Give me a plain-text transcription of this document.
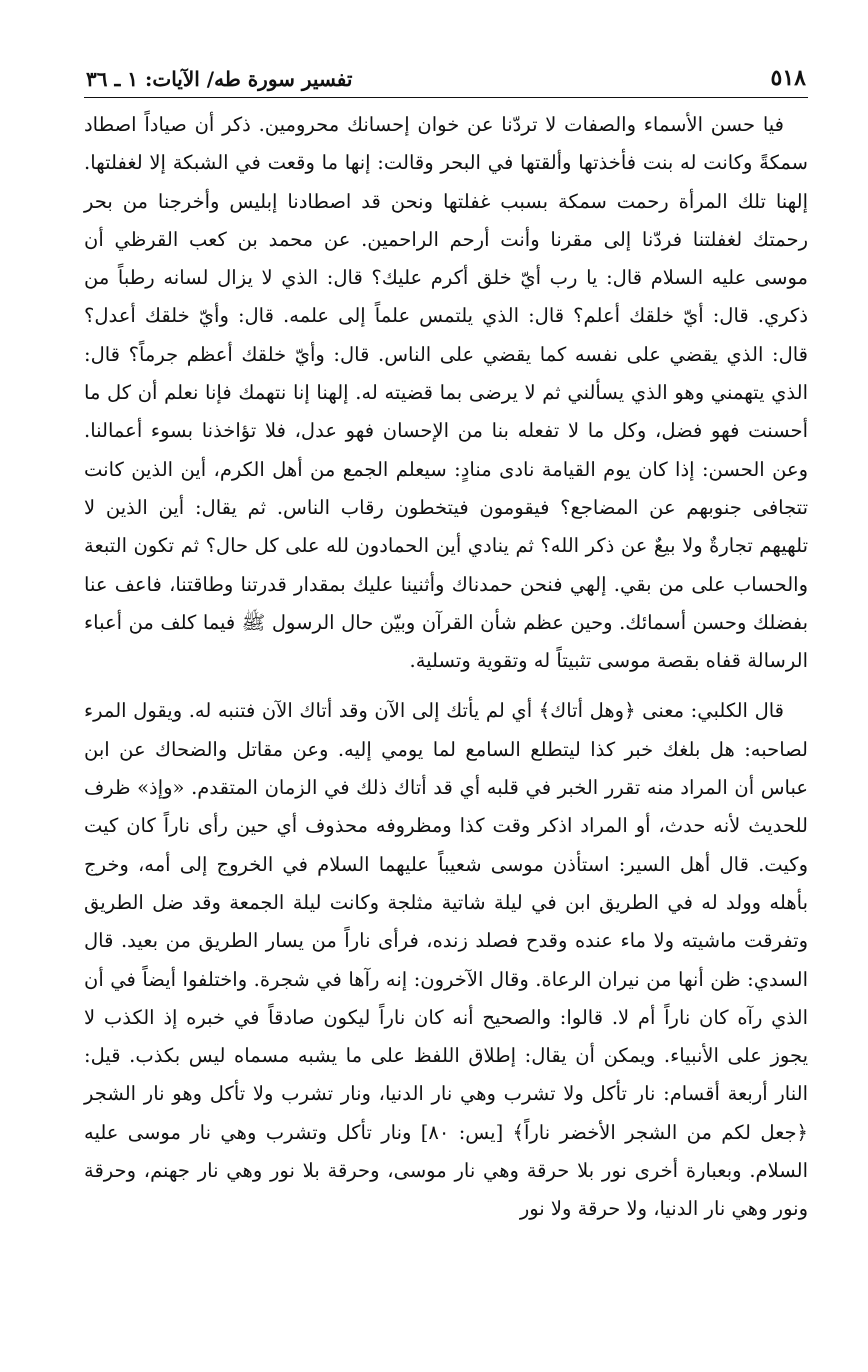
٥١٨
تفسير سورة طه/ الآيات: ١ ـ ٣٦

فيا حسن الأسماء والصفات لا تردّنا عن خوان إحسانك محرومين. ذكر أن صياداً اصطاد سمكةً وكانت له بنت فأخذتها وألقتها في البحر وقالت: إنها ما وقعت في الشبكة إلا لغفلتها. إلهنا تلك المرأة رحمت سمكة بسبب غفلتها ونحن قد اصطادنا إبليس وأخرجنا من بحر رحمتك لغفلتنا فردّنا إلى مقرنا وأنت أرحم الراحمين. عن محمد بن كعب القرظي أن موسى عليه السلام قال: يا رب أيّ خلق أكرم عليك؟ قال: الذي لا يزال لسانه رطباً من ذكري. قال: أيّ خلقك أعلم؟ قال: الذي يلتمس علماً إلى علمه. قال: وأيّ خلقك أعدل؟ قال: الذي يقضي على نفسه كما يقضي على الناس. قال: وأيّ خلقك أعظم جرماً؟ قال: الذي يتهمني وهو الذي يسألني ثم لا يرضى بما قضيته له. إلهنا إنا نتهمك فإنا نعلم أن كل ما أحسنت فهو فضل، وكل ما لا تفعله بنا من الإحسان فهو عدل، فلا تؤاخذنا بسوء أعمالنا. وعن الحسن: إذا كان يوم القيامة نادى منادٍ: سيعلم الجمع من أهل الكرم، أين الذين كانت تتجافى جنوبهم عن المضاجع؟ فيقومون فيتخطون رقاب الناس. ثم يقال: أين الذين لا تلهيهم تجارةٌ ولا بيعٌ عن ذكر الله؟ ثم ينادي أين الحمادون لله على كل حال؟ ثم تكون التبعة والحساب على من بقي. إلهي فنحن حمدناك وأثنينا عليك بمقدار قدرتنا وطاقتنا، فاعف عنا بفضلك وحسن أسمائك. وحين عظم شأن القرآن وبيّن حال الرسول ﷺ فيما كلف من أعباء الرسالة قفاه بقصة موسى تثبيتاً له وتقوية وتسلية.

قال الكلبي: معنى ﴿وهل أتاك﴾ أي لم يأتك إلى الآن وقد أتاك الآن فتنبه له. ويقول المرء لصاحبه: هل بلغك خبر كذا ليتطلع السامع لما يومي إليه. وعن مقاتل والضحاك عن ابن عباس أن المراد منه تقرر الخبر في قلبه أي قد أتاك ذلك في الزمان المتقدم. «وإذ» ظرف للحديث لأنه حدث، أو المراد اذكر وقت كذا ومظروفه محذوف أي حين رأى ناراً كان كيت وكيت. قال أهل السير: استأذن موسى شعيباً عليهما السلام في الخروج إلى أمه، وخرج بأهله وولد له في الطريق ابن في ليلة شاتية مثلجة وكانت ليلة الجمعة وقد ضل الطريق وتفرقت ماشيته ولا ماء عنده وقدح فصلد زنده، فرأى ناراً من يسار الطريق من بعيد. قال السدي: ظن أنها من نيران الرعاة. وقال الآخرون: إنه رآها في شجرة. واختلفوا أيضاً في أن الذي رآه كان ناراً أم لا. قالوا: والصحيح أنه كان ناراً ليكون صادقاً في خبره إذ الكذب لا يجوز على الأنبياء. ويمكن أن يقال: إطلاق اللفظ على ما يشبه مسماه ليس بكذب. قيل: النار أربعة أقسام: نار تأكل ولا تشرب وهي نار الدنيا، ونار تشرب ولا تأكل وهو نار الشجر ﴿جعل لكم من الشجر الأخضر ناراً﴾ [يس: ٨٠] ونار تأكل وتشرب وهي نار موسى عليه السلام. وبعبارة أخرى نور بلا حرقة وهي نار موسى، وحرقة بلا نور وهي نار جهنم، وحرقة ونور وهي نار الدنيا، ولا حرقة ولا نور
